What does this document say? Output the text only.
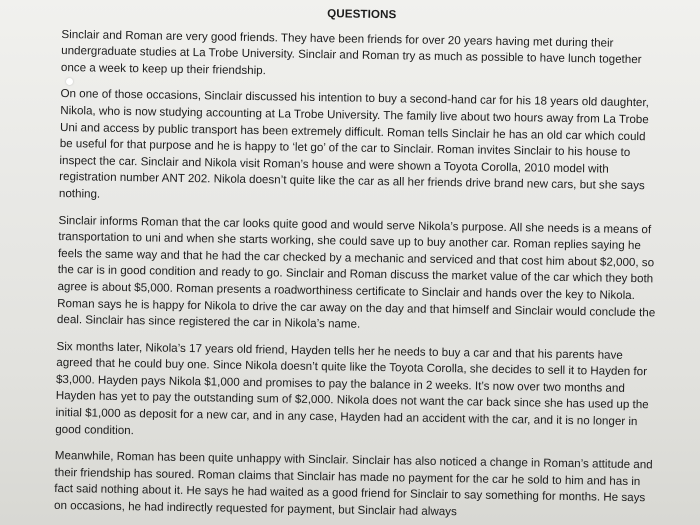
QUESTIONS

Sinclair and Roman are very good friends. They have been friends for over 20 years having met during their undergraduate studies at La Trobe University. Sinclair and Roman try as much as possible to have lunch together once a week to keep up their friendship.

On one of those occasions, Sinclair discussed his intention to buy a second-hand car for his 18 years old daughter, Nikola, who is now studying accounting at La Trobe University. The family live about two hours away from La Trobe Uni and access by public transport has been extremely difficult. Roman tells Sinclair he has an old car which could be useful for that purpose and he is happy to ‘let go’ of the car to Sinclair. Roman invites Sinclair to his house to inspect the car. Sinclair and Nikola visit Roman’s house and were shown a Toyota Corolla, 2010 model with registration number ANT 202. Nikola doesn’t quite like the car as all her friends drive brand new cars, but she says nothing.

Sinclair informs Roman that the car looks quite good and would serve Nikola’s purpose. All she needs is a means of transportation to uni and when she starts working, she could save up to buy another car. Roman replies saying he feels the same way and that he had the car checked by a mechanic and serviced and that cost him about $2,000, so the car is in good condition and ready to go. Sinclair and Roman discuss the market value of the car which they both agree is about $5,000. Roman presents a roadworthiness certificate to Sinclair and hands over the key to Nikola. Roman says he is happy for Nikola to drive the car away on the day and that himself and Sinclair would conclude the deal. Sinclair has since registered the car in Nikola’s name.

Six months later, Nikola’s 17 years old friend, Hayden tells her he needs to buy a car and that his parents have agreed that he could buy one. Since Nikola doesn’t quite like the Toyota Corolla, she decides to sell it to Hayden for $3,000. Hayden pays Nikola $1,000 and promises to pay the balance in 2 weeks. It’s now over two months and Hayden has yet to pay the outstanding sum of $2,000. Nikola does not want the car back since she has used up the initial $1,000 as deposit for a new car, and in any case, Hayden had an accident with the car, and it is no longer in good condition.

Meanwhile, Roman has been quite unhappy with Sinclair. Sinclair has also noticed a change in Roman’s attitude and their friendship has soured. Roman claims that Sinclair has made no payment for the car he sold to him and has in fact said nothing about it. He says he had waited as a good friend for Sinclair to say something for months. He says on occasions, he had indirectly requested for payment, but Sinclair had always
